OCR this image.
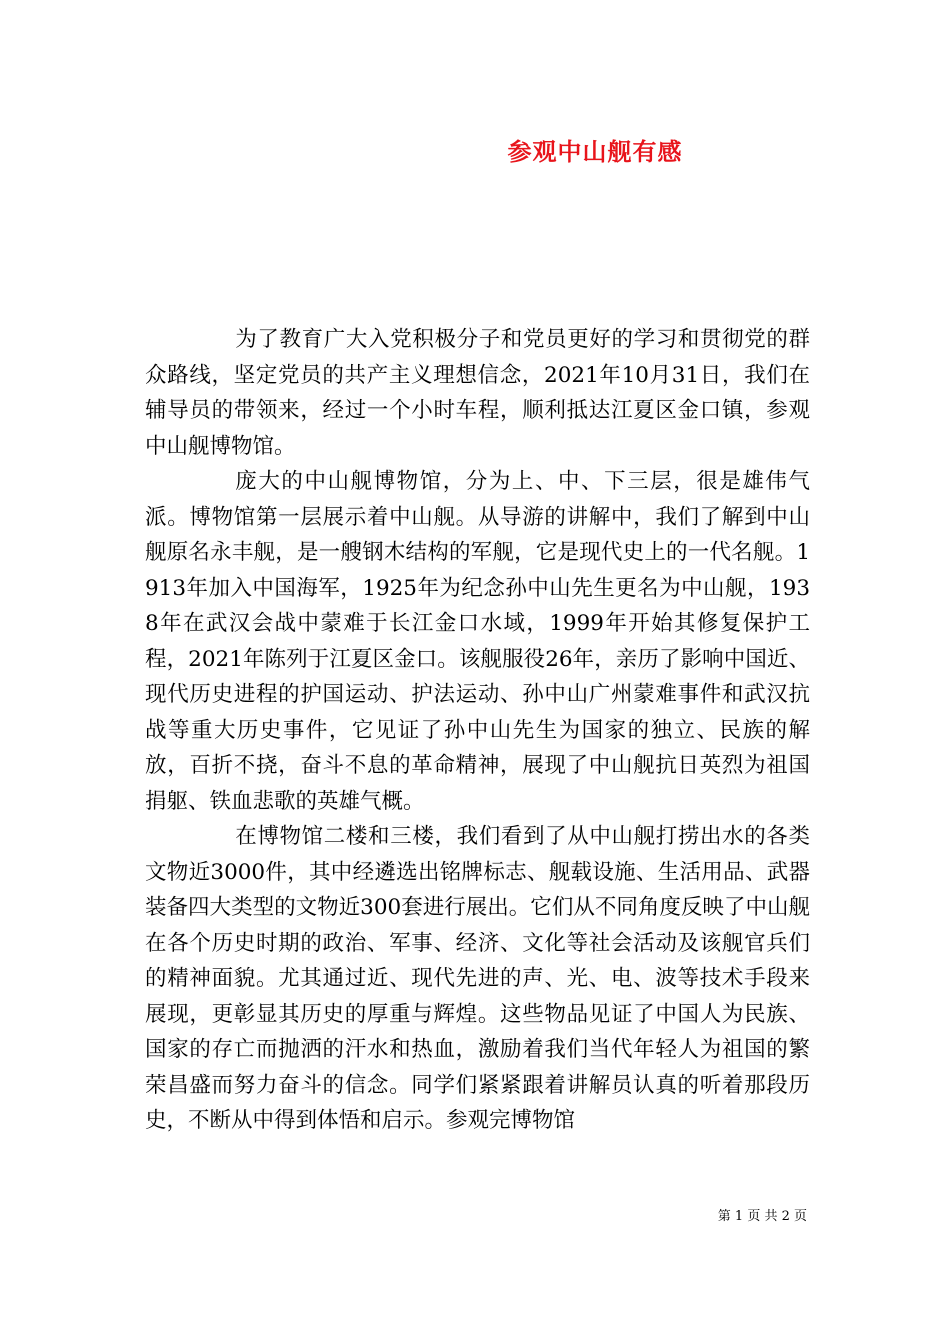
参观中山舰有感

为了教育广大入党积极分子和党员更好的学习和贯彻党的群众路线，坚定党员的共产主义理想信念，2021年10月31日，我们在辅导员的带领来，经过一个小时车程，顺利抵达江夏区金口镇，参观中山舰博物馆。

庞大的中山舰博物馆，分为上、中、下三层，很是雄伟气派。博物馆第一层展示着中山舰。从导游的讲解中，我们了解到中山舰原名永丰舰，是一艘钢木结构的军舰，它是现代史上的一代名舰。1913年加入中国海军，1925年为纪念孙中山先生更名为中山舰，1938年在武汉会战中蒙难于长江金口水域，1999年开始其修复保护工程，2021年陈列于江夏区金口。该舰服役26年，亲历了影响中国近、现代历史进程的护国运动、护法运动、孙中山广州蒙难事件和武汉抗战等重大历史事件，它见证了孙中山先生为国家的独立、民族的解放，百折不挠，奋斗不息的革命精神，展现了中山舰抗日英烈为祖国捐躯、铁血悲歌的英雄气概。

在博物馆二楼和三楼，我们看到了从中山舰打捞出水的各类文物近3000件，其中经遴选出铭牌标志、舰载设施、生活用品、武器装备四大类型的文物近300套进行展出。它们从不同角度反映了中山舰在各个历史时期的政治、军事、经济、文化等社会活动及该舰官兵们的精神面貌。尤其通过近、现代先进的声、光、电、波等技术手段来展现，更彰显其历史的厚重与辉煌。这些物品见证了中国人为民族、国家的存亡而抛洒的汗水和热血，激励着我们当代年轻人为祖国的繁荣昌盛而努力奋斗的信念。同学们紧紧跟着讲解员认真的听着那段历史，不断从中得到体悟和启示。参观完博物馆

第 1 页 共 2 页
